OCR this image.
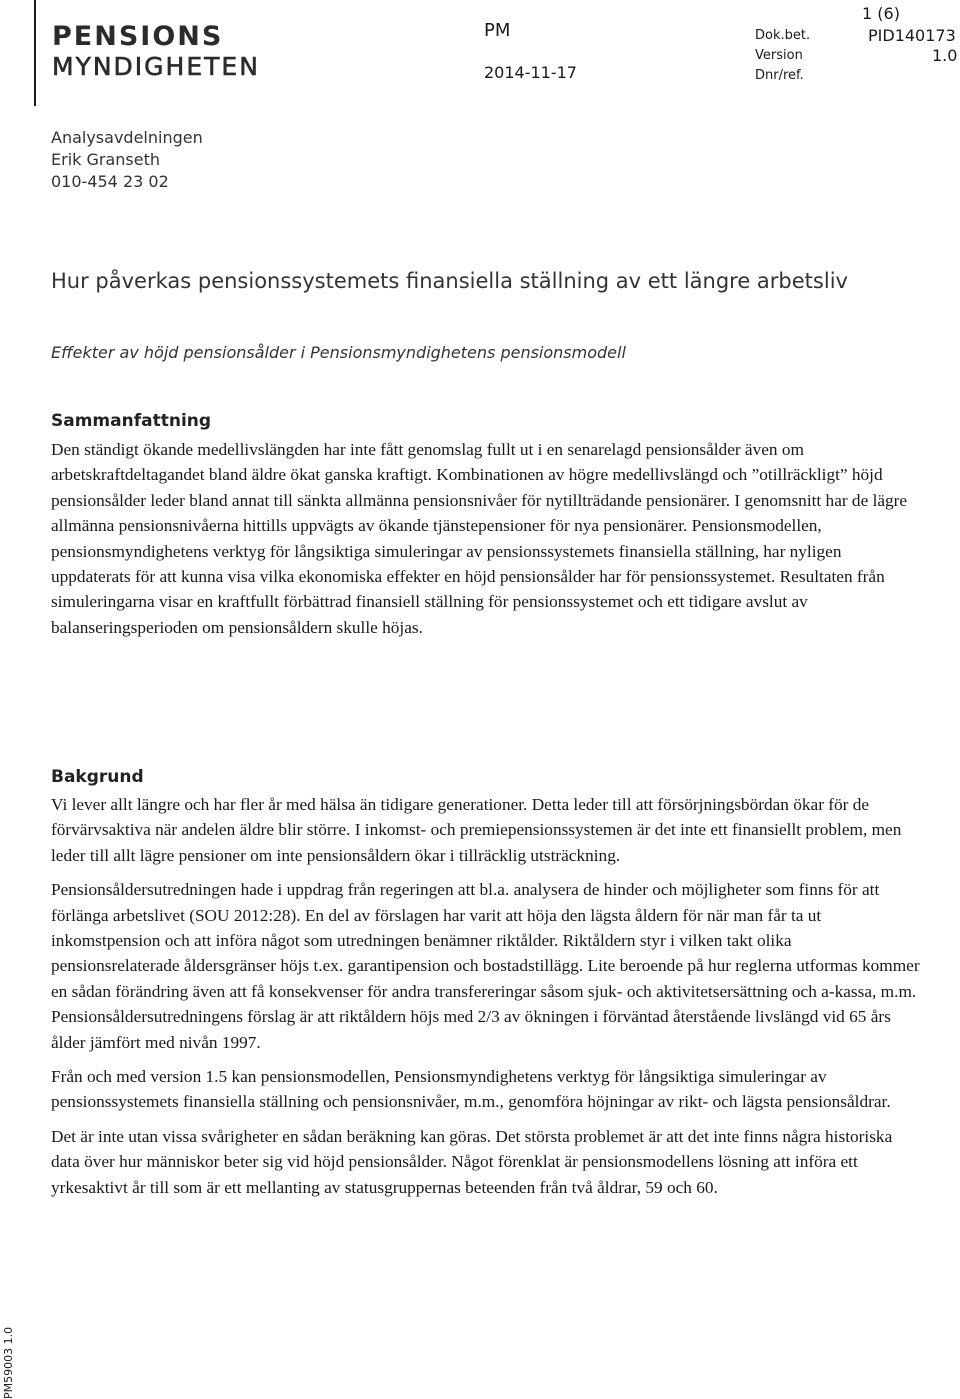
PENSIONS
MYNDIGHETEN
PM
2014-11-17
Dok.bet.
Version
Dnr/ref.
1 (6)
PID140173
1.0
Analysavdelningen
Erik Granseth
010-454 23 02
Hur påverkas pensionssystemets finansiella ställning av ett längre arbetsliv
Effekter av höjd pensionsålder i Pensionsmyndighetens pensionsmodell
Sammanfattning

Den ständigt ökande medellivslängden har inte fått genomslag fullt ut i en senarelagd pensionsålder även om arbetskraftdeltagandet bland äldre ökat ganska kraftigt. Kombinationen av högre medellivslängd och ”otillräckligt” höjd pensionsålder leder bland annat till sänkta allmänna pensionsnivåer för nytillträdande pensionärer. I genomsnitt har de lägre allmänna pensionsnivåerna hittills uppvägts av ökande tjänstepensioner för nya pensionärer. Pensionsmodellen, pensionsmyndighetens verktyg för långsiktiga simuleringar av pensionssystemets finansiella ställning, har nyligen uppdaterats för att kunna visa vilka ekonomiska effekter en höjd pensionsålder har för pensionssystemet. Resultaten från simuleringarna visar en kraftfullt förbättrad finansiell ställning för pensionssystemet och ett tidigare avslut av balanseringsperioden om pensionsåldern skulle höjas.

Bakgrund

Vi lever allt längre och har fler år med hälsa än tidigare generationer. Detta leder till att försörjningsbördan ökar för de förvärvsaktiva när andelen äldre blir större. I inkomst- och premiepensionssystemen är det inte ett finansiellt problem, men leder till allt lägre pensioner om inte pensionsåldern ökar i tillräcklig utsträckning.

Pensionsåldersutredningen hade i uppdrag från regeringen att bl.a. analysera de hinder och möjligheter som finns för att förlänga arbetslivet (SOU 2012:28). En del av förslagen har varit att höja den lägsta åldern för när man får ta ut inkomstpension och att införa något som utredningen benämner riktålder. Riktåldern styr i vilken takt olika pensionsrelaterade åldersgränser höjs t.ex. garantipension och bostadstillägg. Lite beroende på hur reglerna utformas kommer en sådan förändring även att få konsekvenser för andra transfereringar såsom sjuk- och aktivitetsersättning och a-kassa, m.m. Pensionsåldersutredningens förslag är att riktåldern höjs med 2/3 av ökningen i förväntad återstående livslängd vid 65 års ålder jämfört med nivån 1997.

Från och med version 1.5 kan pensionsmodellen, Pensionsmyndighetens verktyg för långsiktiga simuleringar av pensionssystemets finansiella ställning och pensionsnivåer, m.m., genomföra höjningar av rikt- och lägsta pensionsåldrar.

Det är inte utan vissa svårigheter en sådan beräkning kan göras. Det största problemet är att det inte finns några historiska data över hur människor beter sig vid höjd pensionsålder. Något förenklat är pensionsmodellens lösning att införa ett yrkesaktivt år till som är ett mellanting av statusgruppernas beteenden från två åldrar, 59 och 60.

PM59003 1.0
